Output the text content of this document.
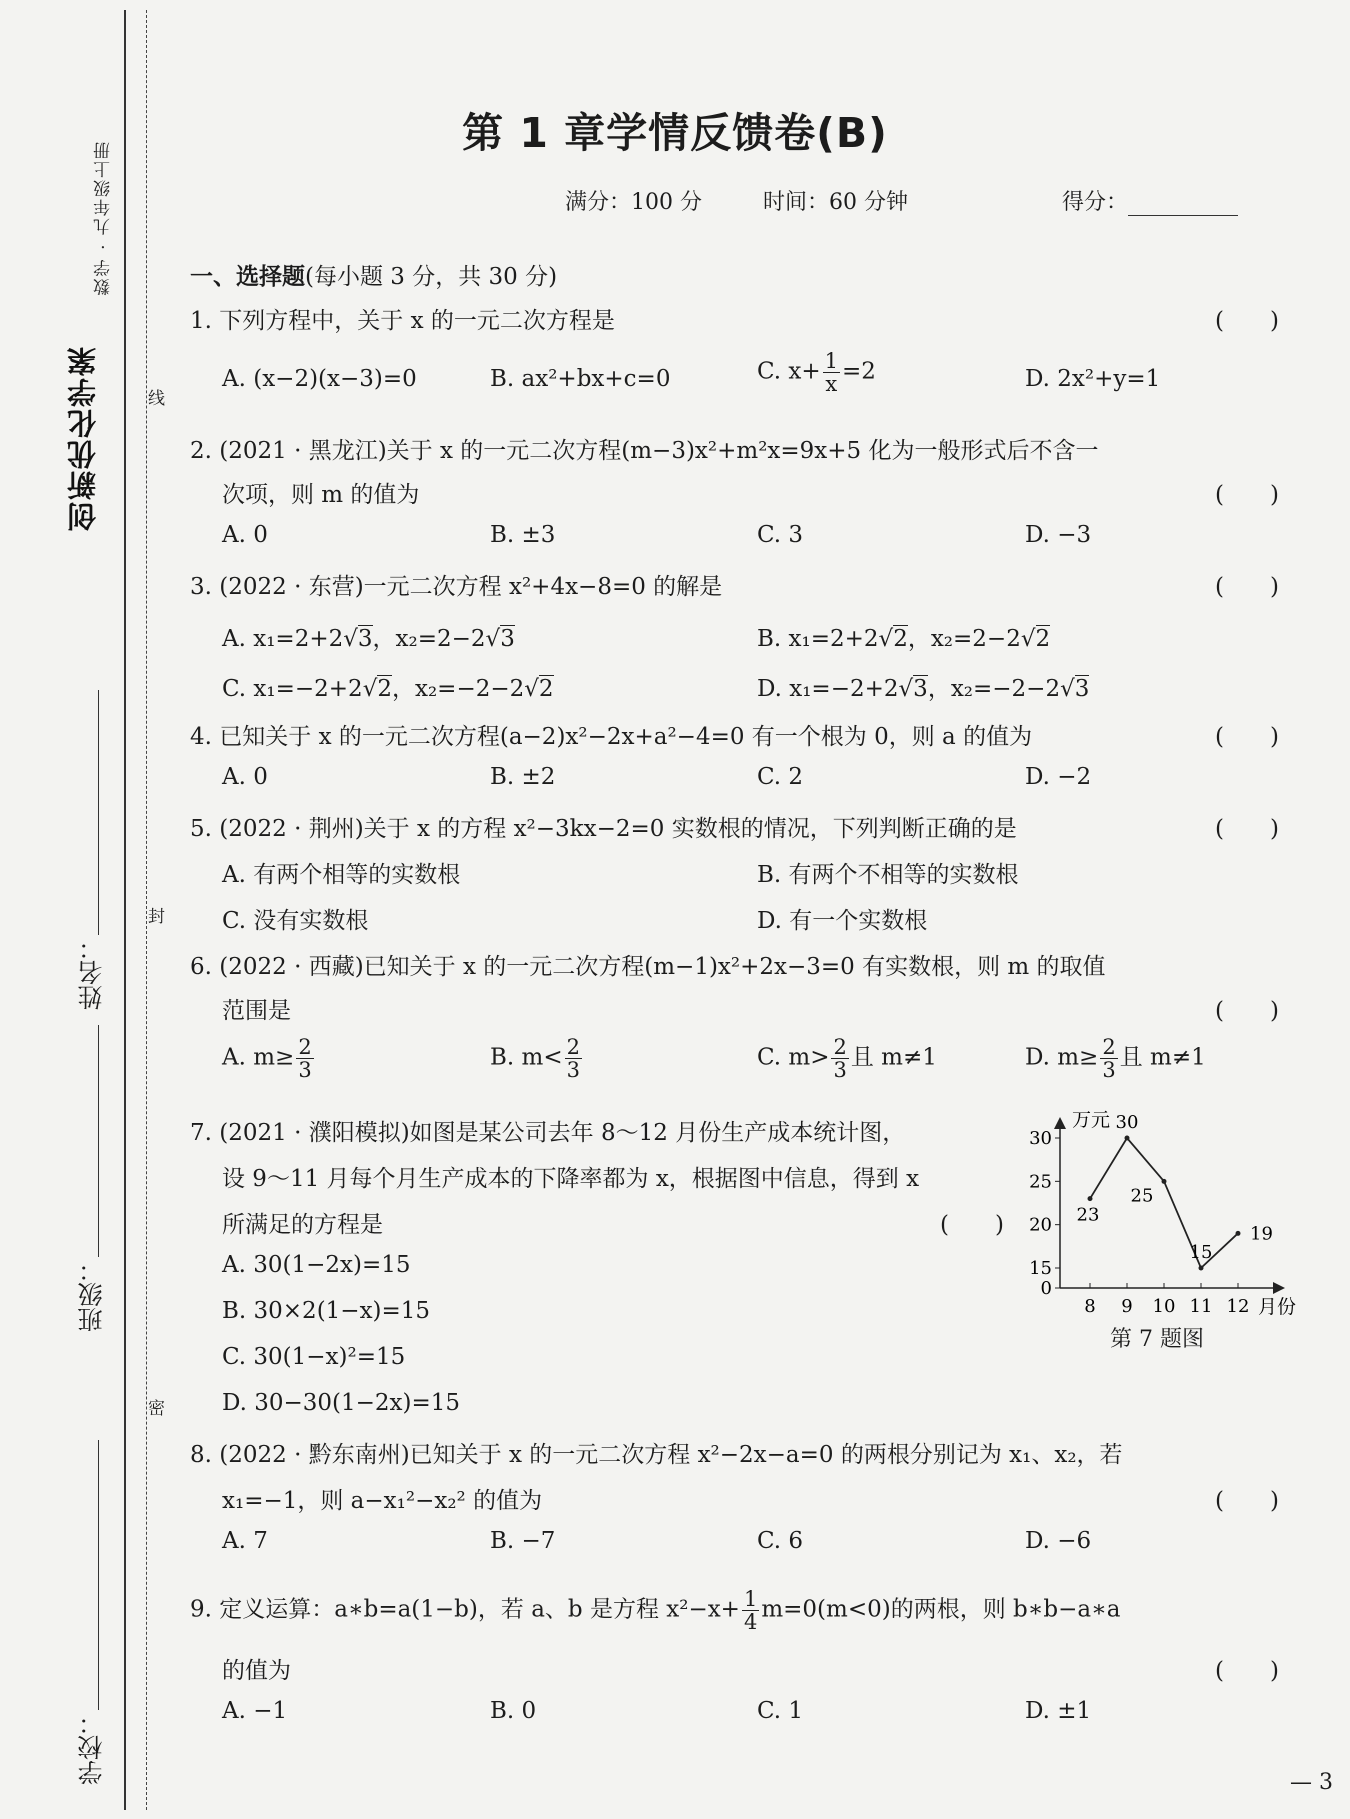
数学 · 九年级上册
创新优化学案	线
封
密
姓名：
班级：
学校：
第 1 章学情反馈卷(B)
满分：100 分	时间：60 分钟	得分：
一、选择题(每小题 3 分，共 30 分)
1. 下列方程中，关于 x 的一元二次方程是	(　　)
A. (x−2)(x−3)=0	B. ax²+bx+c=0	C. $x+ \frac{1}{x} =2$	D. 2x²+y=1
2. (2021 · 黑龙江)关于 x 的一元二次方程(m−3)x²+m²x=9x+5 化为一般形式后不含一
次项，则 m 的值为	(　　)
A. 0	B. ±3	C. 3	D. −3
3. (2022 · 东营)一元二次方程 x²+4x−8=0 的解是	(　　)
A. x₁=2+2√3，x₂=2−2√3	B. x₁=2+2√2，x₂=2−2√2
C. x₁=−2+2√2，x₂=−2−2√2	D. x₁=−2+2√3，x₂=−2−2√3
4. 已知关于 x 的一元二次方程(a−2)x²−2x+a²−4=0 有一个根为 0，则 a 的值为	(　　)
A. 0	B. ±2	C. 2	D. −2
5. (2022 · 荆州)关于 x 的方程 x²−3kx−2=0 实数根的情况，下列判断正确的是	(　　)
A. 有两个相等的实数根	B. 有两个不相等的实数根
C. 没有实数根	D. 有一个实数根
6. (2022 · 西藏)已知关于 x 的一元二次方程(m−1)x²+2x−3=0 有实数根，则 m 的取值
范围是	(　　)
A. $m\ge \frac{2}{3}$	B. $m< \frac{2}{3}$	C. $m> \frac{2}{3}$ 且 m≠1	D. $m\ge \frac{2}{3}$ 且 m≠1
7. (2021 · 濮阳模拟)如图是某公司去年 8～12 月份生产成本统计图，
设 9～11 月每个月生产成本的下降率都为 x，根据图中信息，得到 x
所满足的方程是	(　　)
A. 30(1−2x)=15
B. 30×2(1−x)=15
C. 30(1−x)²=15
D. 30−30(1−2x)=15
万元
月份
0
15
20
25
30
8 9 10 11 12
23
30
25
15
19
第 7 题图
8. (2022 · 黔东南州)已知关于 x 的一元二次方程 x²−2x−a=0 的两根分别记为 x₁、x₂，若
x₁=−1，则 a−x₁²−x₂² 的值为	(　　)
A. 7	B. −7	C. 6	D. −6
9. 定义运算：a∗b=a(1−b)，若 a、b 是方程 $x^2-x+ \frac{1}{4} m=0(m<0)$的两根，则 b∗b−a∗a
的值为	(　　)
A. −1	B. 0	C. 1	D. ±1
— 3
